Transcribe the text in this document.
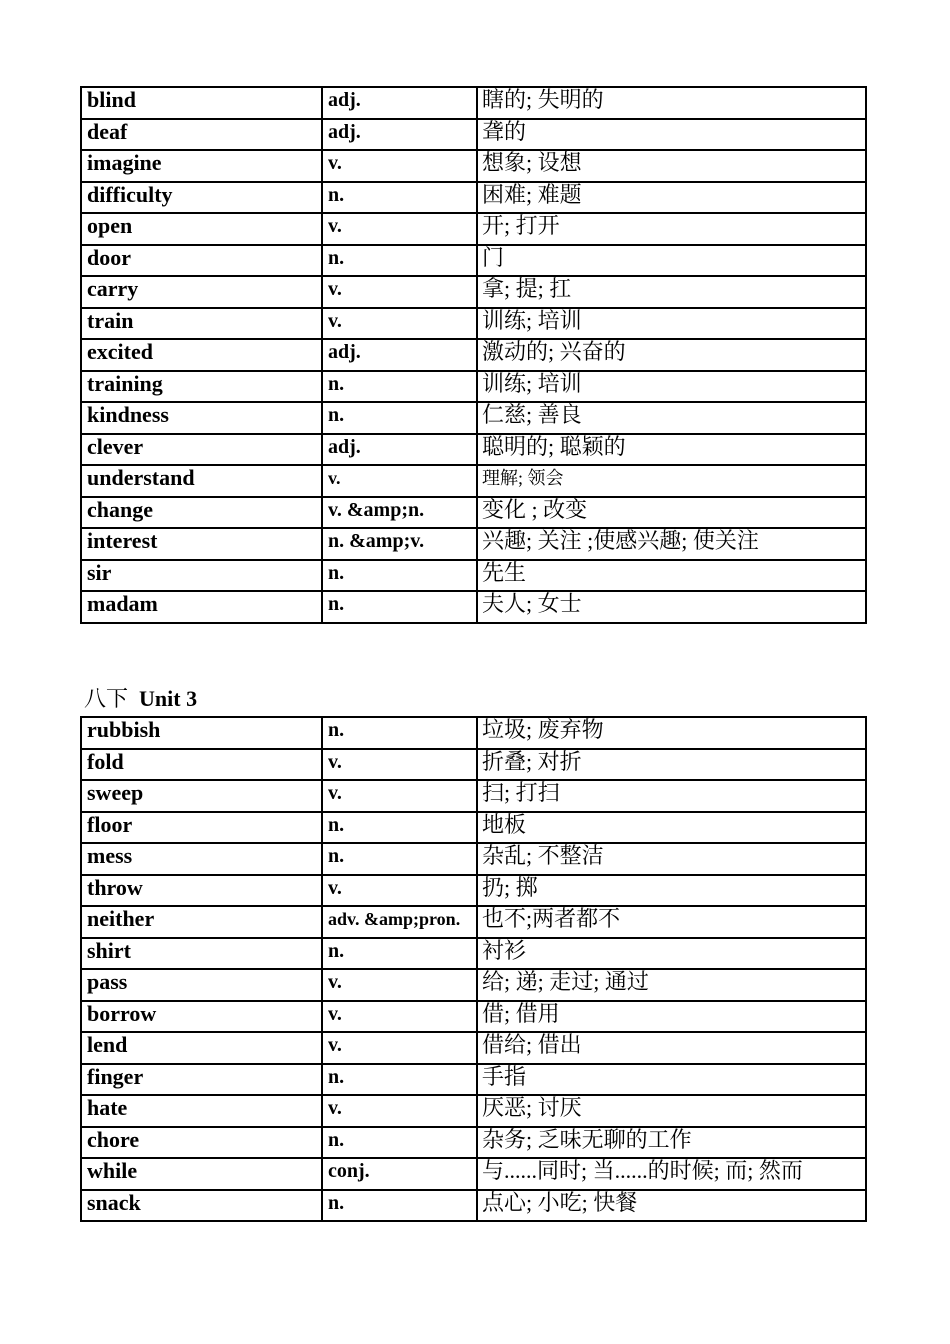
blind	adj.	瞎的; 失明的
deaf	adj.	聋的
imagine	v.	想象; 设想
difficulty	n.	困难; 难题
open	v.	开; 打开
door	n.	门
carry	v.	拿; 提; 扛
train	v.	训练; 培训
excited	adj.	激动的; 兴奋的
training	n.	训练; 培训
kindness	n.	仁慈; 善良
clever	adj.	聪明的; 聪颖的
understand	v.	理解; 领会
change	v. &amp;n.	变化 ; 改变
interest	n. &amp;v.	兴趣; 关注 ;使感兴趣; 使关注
sir	n.	先生
madam	n.	夫人; 女士
八下 Unit 3
rubbish	n.	垃圾; 废弃物
fold	v.	折叠; 对折
sweep	v.	扫; 打扫
floor	n.	地板
mess	n.	杂乱; 不整洁
throw	v.	扔; 掷
neither	adv. &amp;pron.	也不;两者都不
shirt	n.	衬衫
pass	v.	给; 递; 走过; 通过
borrow	v.	借; 借用
lend	v.	借给; 借出
finger	n.	手指
hate	v.	厌恶; 讨厌
chore	n.	杂务; 乏味无聊的工作
while	conj.	与......同时; 当......的时候; 而; 然而
snack	n.	点心; 小吃; 快餐
